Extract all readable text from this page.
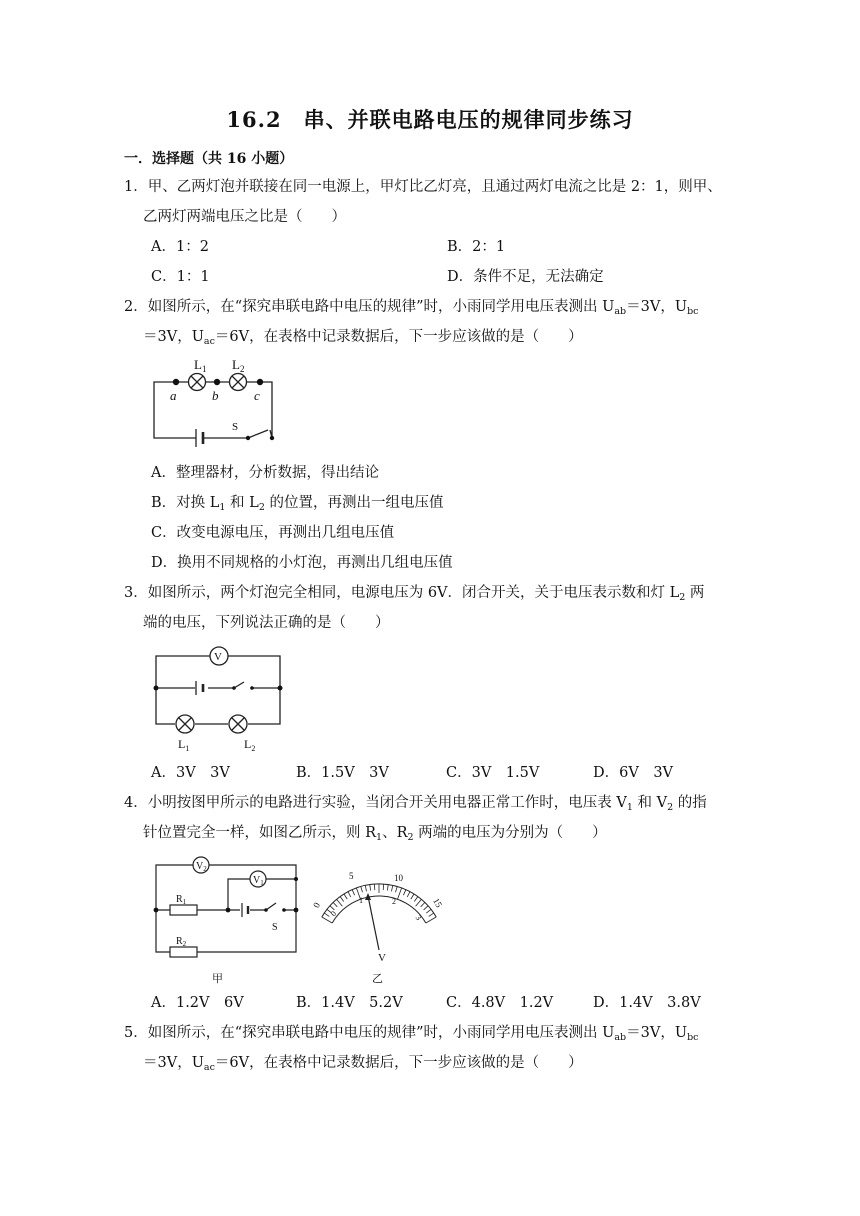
16.2　串、并联电路电压的规律同步练习
一．选择题（共 16 小题）
1．甲、乙两灯泡并联接在同一电源上，甲灯比乙灯亮，且通过两灯电流之比是 2：1，则甲、
乙两灯两端电压之比是（　　）
A．1：2	B．2：1
C．1：1	D．条件不足，无法确定
2．如图所示，在“探究串联电路中电压的规律”时，小雨同学用电压表测出 $U_{ab}=3V$，$U_{bc}$
＝3V，$U_{ac}=6V$，在表格中记录数据后，下一步应该做的是（　　）
$L_1$ $L_2$
a	b	c
S
A．整理器材，分析数据，得出结论
B．对换 $L_1$ 和 $L_2$ 的位置，再测出一组电压值
C．改变电源电压，再测出几组电压值
D．换用不同规格的小灯泡，再测出几组电压值
3．如图所示，两个灯泡完全相同，电源电压为 6V．闭合开关，关于电压表示数和灯 $L_2$ 两
端的电压，下列说法正确的是（　　）
V
$L_1$	$L_2$
A．3V　3V	B．1.5V　3V	C．3V　1.5V	D．6V　3V
4．小明按图甲所示的电路进行实验，当闭合开关用电器正常工作时，电压表 $V_1$ 和 $V_2$ 的指
针位置完全一样，如图乙所示，则 $R_1$、$R_2$ 两端的电压为分别为（　　）
$V_2$
$V_1$
$R_1$
$R_2$
S
甲
0
5	10
15
0
1	2
3
V
乙
A．1.2V　6V	B．1.4V　5.2V	C．4.8V　1.2V	D．1.4V　3.8V
5．如图所示，在“探究串联电路中电压的规律”时，小雨同学用电压表测出 $U_{ab}=3V$，$U_{bc}$
＝3V，$U_{ac}=6V$，在表格中记录数据后，下一步应该做的是（　　）
